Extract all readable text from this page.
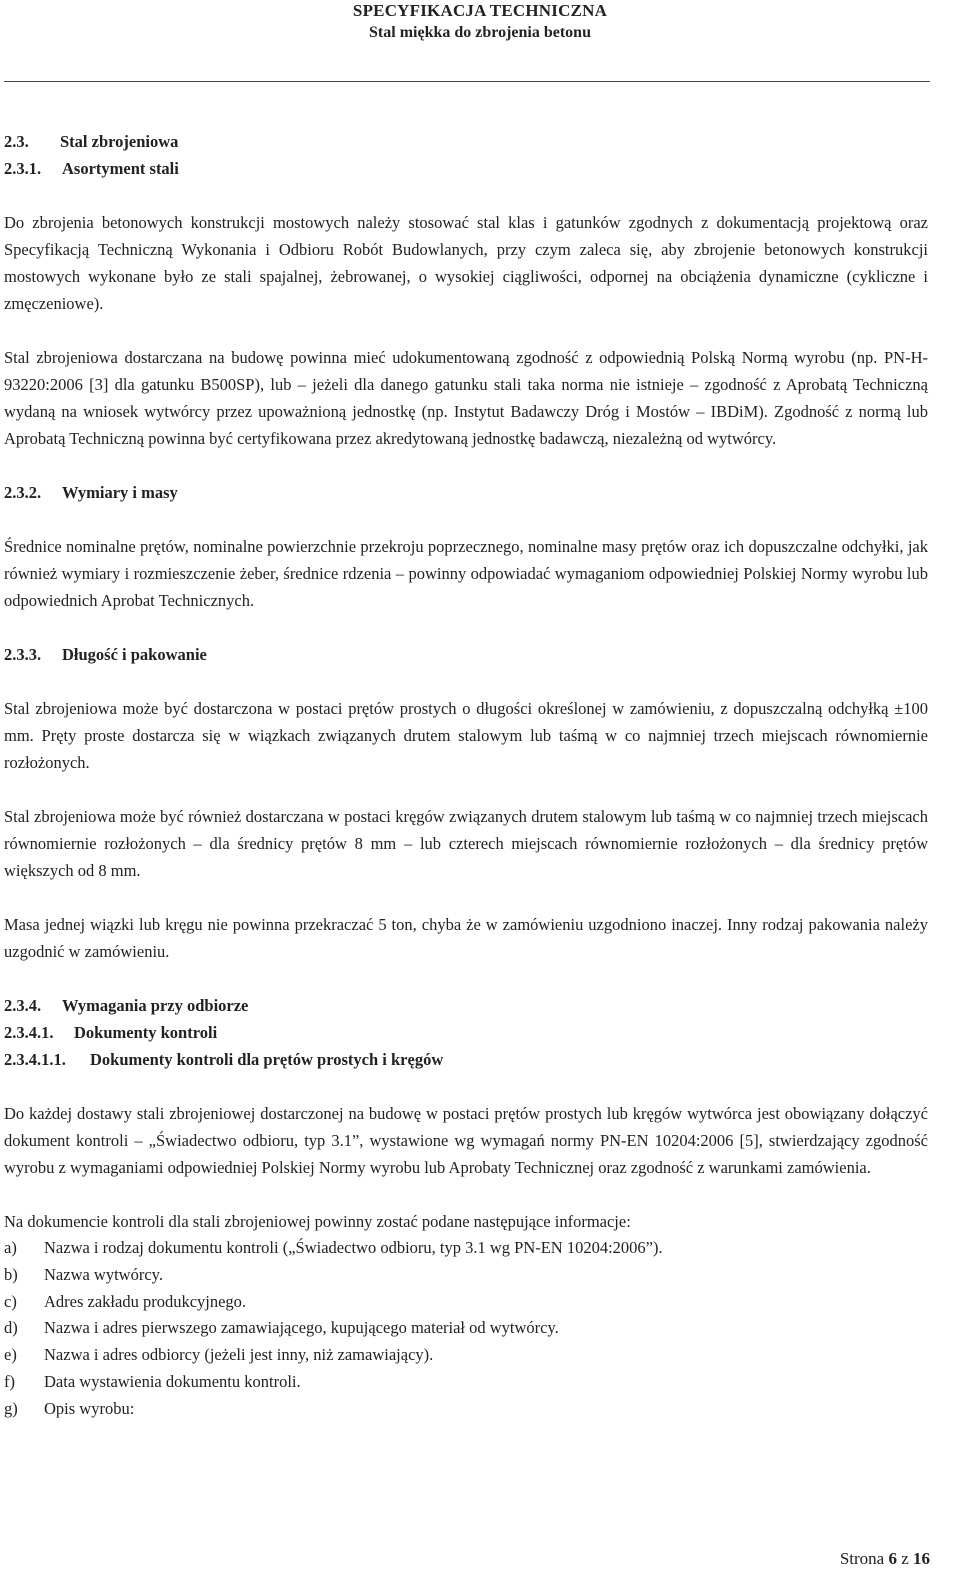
SPECYFIKACJA TECHNICZNA
Stal miękka do zbrojenia betonu
2.3. Stal zbrojeniowa
2.3.1. Asortyment stali

Do zbrojenia betonowych konstrukcji mostowych należy stosować stal klas i gatunków zgodnych z dokumentacją projektową oraz Specyfikacją Techniczną Wykonania i Odbioru Robót Budowlanych, przy czym zaleca się, aby zbrojenie betonowych konstrukcji mostowych wykonane było ze stali spajalnej, żebrowanej, o wysokiej ciągliwości, odpornej na obciążenia dynamiczne (cykliczne i zmęczeniowe).

Stal zbrojeniowa dostarczana na budowę powinna mieć udokumentowaną zgodność z odpowiednią Polską Normą wyrobu (np. PN-H-93220:2006 [3] dla gatunku B500SP), lub – jeżeli dla danego gatunku stali taka norma nie istnieje – zgodność z Aprobatą Techniczną wydaną na wniosek wytwórcy przez upoważnioną jednostkę (np. Instytut Badawczy Dróg i Mostów – IBDiM). Zgodność z normą lub Aprobatą Techniczną powinna być certyfikowana przez akredytowaną jednostkę badawczą, niezależną od wytwórcy.

2.3.2. Wymiary i masy

Średnice nominalne prętów, nominalne powierzchnie przekroju poprzecznego, nominalne masy prętów oraz ich dopuszczalne odchyłki, jak również wymiary i rozmieszczenie żeber, średnice rdzenia – powinny odpowiadać wymaganiom odpowiedniej Polskiej Normy wyrobu lub odpowiednich Aprobat Technicznych.

2.3.3. Długość i pakowanie

Stal zbrojeniowa może być dostarczona w postaci prętów prostych o długości określonej w zamówieniu, z dopuszczalną odchyłką ±100 mm. Pręty proste dostarcza się w wiązkach związanych drutem stalowym lub taśmą w co najmniej trzech miejscach równomiernie rozłożonych.

Stal zbrojeniowa może być również dostarczana w postaci kręgów związanych drutem stalowym lub taśmą w co najmniej trzech miejscach równomiernie rozłożonych – dla średnicy prętów 8 mm – lub czterech miejscach równomiernie rozłożonych – dla średnicy prętów większych od 8 mm.

Masa jednej wiązki lub kręgu nie powinna przekraczać 5 ton, chyba że w zamówieniu uzgodniono inaczej. Inny rodzaj pakowania należy uzgodnić w zamówieniu.

2.3.4. Wymagania przy odbiorze
2.3.4.1. Dokumenty kontroli
2.3.4.1.1. Dokumenty kontroli dla prętów prostych i kręgów

Do każdej dostawy stali zbrojeniowej dostarczonej na budowę w postaci prętów prostych lub kręgów wytwórca jest obowiązany dołączyć dokument kontroli – „Świadectwo odbioru, typ 3.1”, wystawione wg wymagań normy PN-EN 10204:2006 [5], stwierdzający zgodność wyrobu z wymaganiami odpowiedniej Polskiej Normy wyrobu lub Aprobaty Technicznej oraz zgodność z warunkami zamówienia.

Na dokumencie kontroli dla stali zbrojeniowej powinny zostać podane następujące informacje:

a)	Nazwa i rodzaj dokumentu kontroli („Świadectwo odbioru, typ 3.1 wg PN-EN 10204:2006”).
b)	Nazwa wytwórcy.
c)	Adres zakładu produkcyjnego.
d)	Nazwa i adres pierwszego zamawiającego, kupującego materiał od wytwórcy.
e)	Nazwa i adres odbiorcy (jeżeli jest inny, niż zamawiający).
f)	Data wystawienia dokumentu kontroli.
g)	Opis wyrobu:
Strona 6 z 16
